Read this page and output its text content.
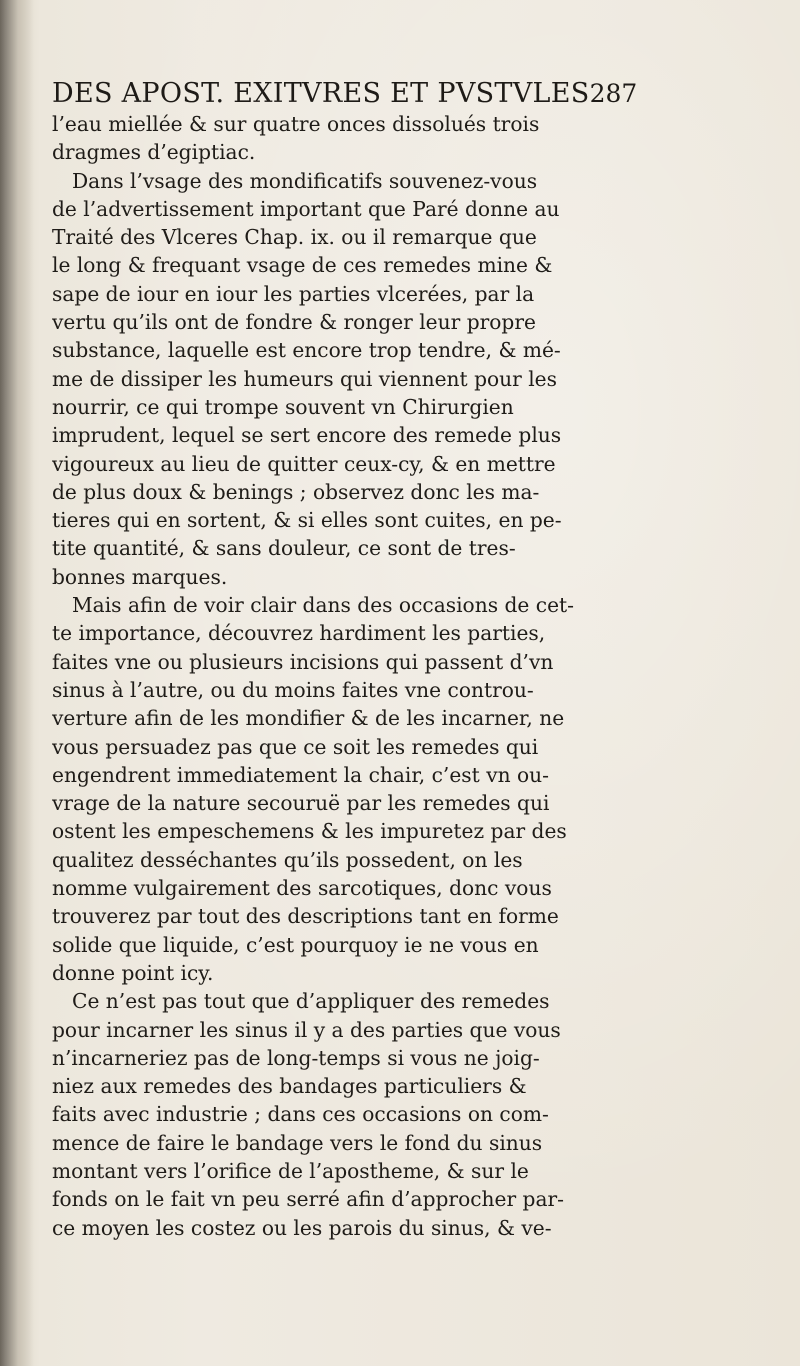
DES APOST. EXITVRES ET PVSTVLES 287
l’eau miellée & sur quatre onces dissolués trois
dragmes d’egiptiac.
Dans l’vsage des mondificatifs souvenez-vous
de l’advertissement important que Paré donne au
Traité des Vlceres Chap. ix. ou il remarque que
le long & frequant vsage de ces remedes mine &
sape de iour en iour les parties vlcerées, par la
vertu qu’ils ont de fondre & ronger leur propre
substance, laquelle est encore trop tendre, & mé-
me de dissiper les humeurs qui viennent pour les
nourrir, ce qui trompe souvent vn Chirurgien
imprudent, lequel se sert encore des remede plus
vigoureux au lieu de quitter ceux-cy, & en mettre
de plus doux & benings ; observez donc les ma-
tieres qui en sortent, & si elles sont cuites, en pe-
tite quantité, & sans douleur, ce sont de tres-
bonnes marques.
Mais afin de voir clair dans des occasions de cet-
te importance, découvrez hardiment les parties,
faites vne ou plusieurs incisions qui passent d’vn
sinus à l’autre, ou du moins faites vne controu-
verture afin de les mondifier & de les incarner, ne
vous persuadez pas que ce soit les remedes qui
engendrent immediatement la chair, c’est vn ou-
vrage de la nature secouruë par les remedes qui
ostent les empeschemens & les impuretez par des
qualitez desséchantes qu’ils possedent, on les
nomme vulgairement des sarcotiques, donc vous
trouverez par tout des descriptions tant en forme
solide que liquide, c’est pourquoy ie ne vous en
donne point icy.
Ce n’est pas tout que d’appliquer des remedes
pour incarner les sinus il y a des parties que vous
n’incarneriez pas de long-temps si vous ne joig-
niez aux remedes des bandages particuliers &
faits avec industrie ; dans ces occasions on com-
mence de faire le bandage vers le fond du sinus
montant vers l’orifice de l’apostheme, & sur le
fonds on le fait vn peu serré afin d’approcher par-
ce moyen les costez ou les parois du sinus, & ve-
